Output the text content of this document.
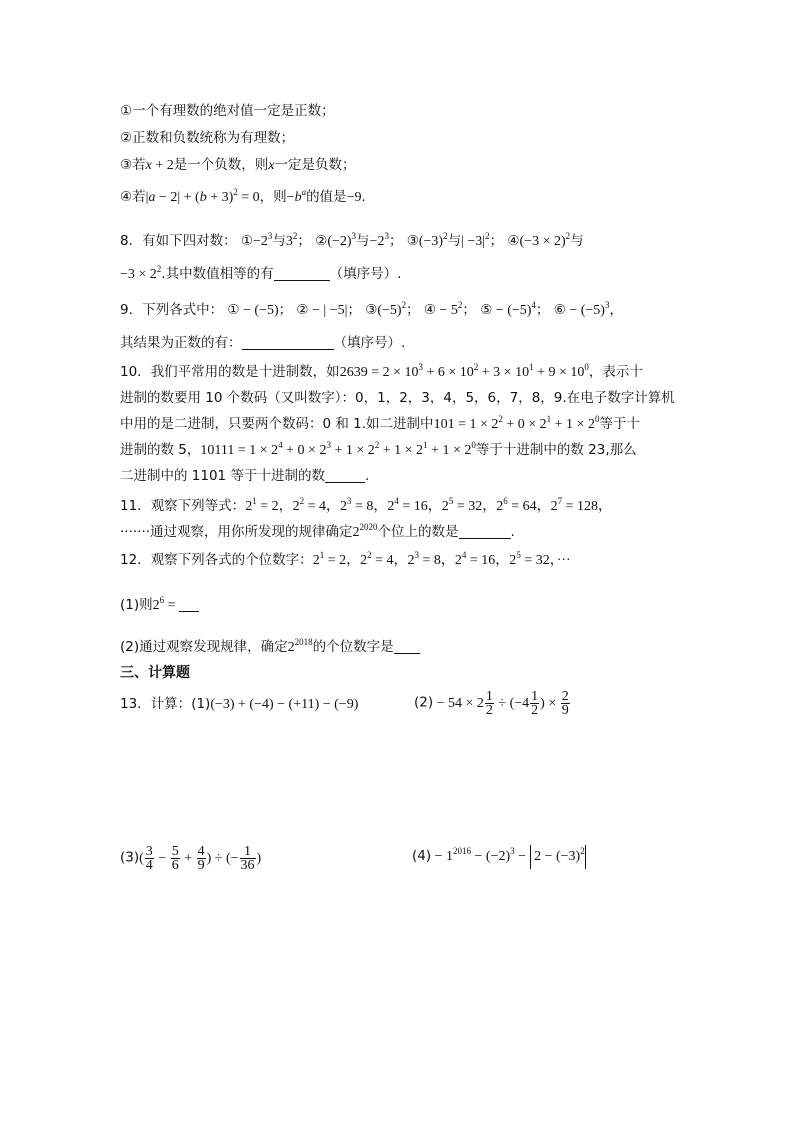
①一个有理数的绝对值一定是正数；
②正数和负数统称为有理数；
③若x + 2是一个负数，则x一定是负数；
④若$|a - 2| + (b + 3)^2 = 0$，则$-b^a$的值是−9．
8．有如下四对数： $①-2^3$与$3^2$； $②(-2)^3$与$-2^3$； $③(-3)^2$与| $-3|^2$； ④(−3 × 2)$^2$与
$-3 \times 2^2$.其中数值相等的有	（填序号）.
9．下列各式中： ① − (−5)； ② − | −5|； $③(-5)^2$； ④ − $5^2$； ⑤ − $(-5)^4$； ⑥ − $(-5)^3$，
其结果为正数的有：	（填序号）.
10．我们平常用的数是十进制数，如$2639 = 2 \times 10^3 + 6 \times 10^2 + 3 \times 10^1 + 9 \times 10^0$，表示十
进制的数要用 10 个数码（又叫数字）：0，1，2，3，4，5，6，7，8，9.在电子数字计算机
中用的是二进制，只要两个数码：0 和 1.如二进制中$101 = 1 \times 2^2 + 0 \times 2^1 + 1 \times 2^0$等于十
进制的数 5，$10111 = 1 \times 2^4 + 0 \times 2^3 + 1 \times 2^2 + 1 \times 2^1 + 1 \times 2^0$等于十进制中的数 23,那么
二进制中的 1101 等于十进制的数	.
11．观察下列等式：$2^1 = 2$，$2^2 = 4$，$2^3 = 8$，$2^4 = 16$，$2^5 = 32$，$2^6 = 64$，$2^7 = 128$，
·······通过观察，用你所发现的规律确定$2^{2020}$个位上的数是	.
12．观察下列各式的个位数字：$2^1 = 2$，$2^2 = 4$，$2^3 = 8$，$2^4 = 16$，$2^5 = 32$，···
(1)则$2^6$ =
(2)通过观察发现规律，确定$2^{2018}$的个位数字是
三、计算题
13．计算：(1)(−3) + (−4) − (+11) − (−9)	$(2) - 54 \times 2 \frac{1}{2} \div (-4 \frac{1}{2}$ ) × $\frac{2}{9}$
$(3)( \frac{3}{4} - \frac{5}{6} + \frac{4}{9}$ ) ÷ (− $\frac{1}{36}$ )	$(4) - 1^{2016} - (-2)^3 - 2 - (-3)^2$
